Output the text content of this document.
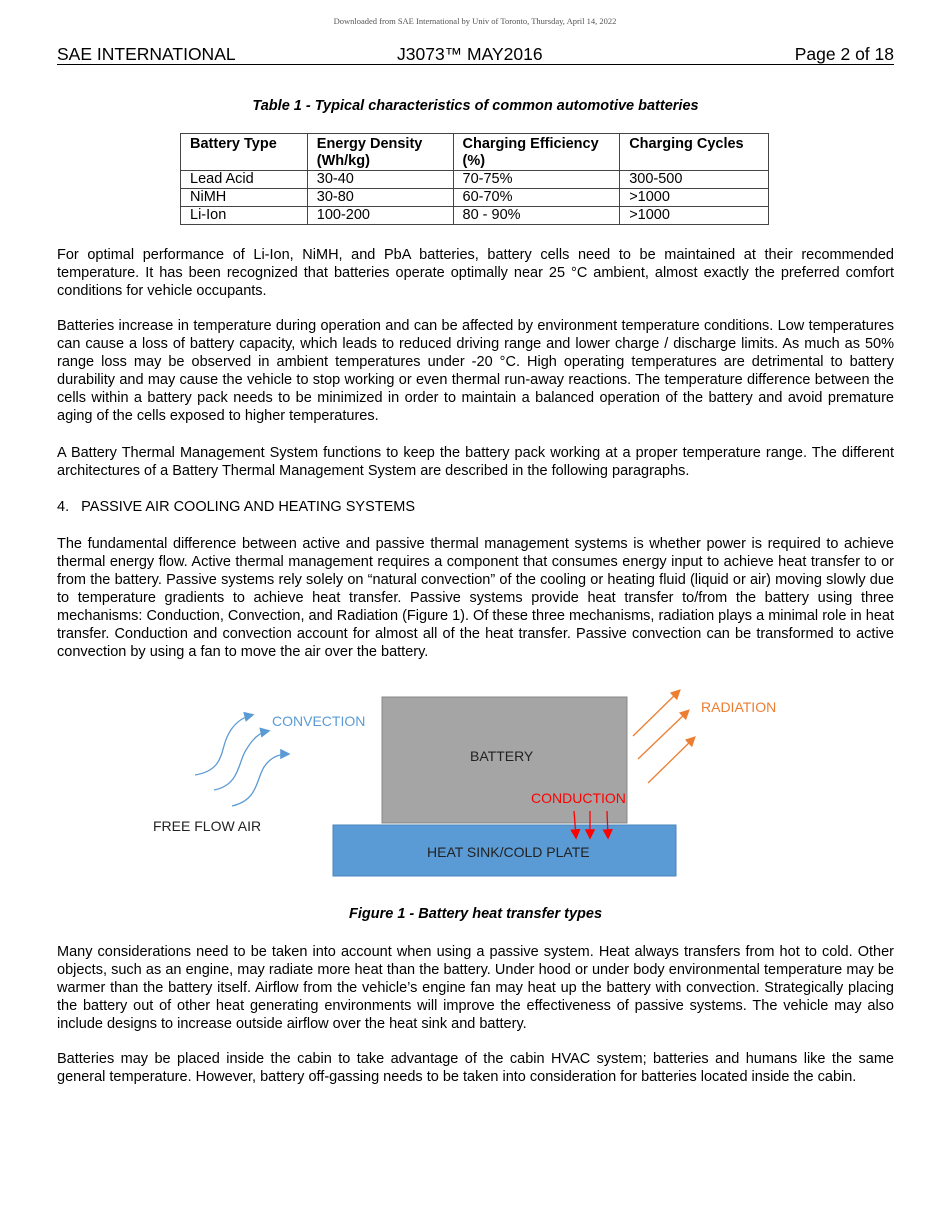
Downloaded from SAE International by Univ of Toronto, Thursday, April 14, 2022
SAE INTERNATIONAL	J3073™ MAY2016	Page 2 of 18
Table 1 - Typical characteristics of common automotive batteries
Battery Type	Energy Density (Wh/kg)	Charging Efficiency (%)	Charging Cycles
Lead Acid	30-40	70-75%	300-500
NiMH	30-80	60-70%	>1000
Li-Ion	100-200	80 - 90%	>1000
For optimal performance of Li-Ion, NiMH, and PbA batteries, battery cells need to be maintained at their recommended temperature. It has been recognized that batteries operate optimally near 25 °C ambient, almost exactly the preferred comfort conditions for vehicle occupants.
Batteries increase in temperature during operation and can be affected by environment temperature conditions. Low temperatures can cause a loss of battery capacity, which leads to reduced driving range and lower charge / discharge limits. As much as 50% range loss may be observed in ambient temperatures under -20 °C. High operating temperatures are detrimental to battery durability and may cause the vehicle to stop working or even thermal run-away reactions. The temperature difference between the cells within a battery pack needs to be minimized in order to maintain a balanced operation of the battery and avoid premature aging of the cells exposed to higher temperatures.
A Battery Thermal Management System functions to keep the battery pack working at a proper temperature range. The different architectures of a Battery Thermal Management System are described in the following paragraphs.
4.   PASSIVE AIR COOLING AND HEATING SYSTEMS
The fundamental difference between active and passive thermal management systems is whether power is required to achieve thermal energy flow. Active thermal management requires a component that consumes energy input to achieve heat transfer to or from the battery. Passive systems rely solely on “natural convection” of the cooling or heating fluid (liquid or air) moving slowly due to temperature gradients to achieve heat transfer. Passive systems provide heat transfer to/from the battery using three mechanisms: Conduction, Convection, and Radiation (Figure 1). Of these three mechanisms, radiation plays a minimal role in heat transfer. Conduction and convection account for almost all of the heat transfer. Passive convection can be transformed to active convection by using a fan to move the air over the battery.
CONVECTION
RADIATION
BATTERY
CONDUCTION
FREE FLOW AIR
HEAT SINK/COLD PLATE
Figure 1 - Battery heat transfer types
Many considerations need to be taken into account when using a passive system. Heat always transfers from hot to cold. Other objects, such as an engine, may radiate more heat than the battery. Under hood or under body environmental temperature may be warmer than the battery itself. Airflow from the vehicle’s engine fan may heat up the battery with convection. Strategically placing the battery out of other heat generating environments will improve the effectiveness of passive systems. The vehicle may also include designs to increase outside airflow over the heat sink and battery.
Batteries may be placed inside the cabin to take advantage of the cabin HVAC system; batteries and humans like the same general temperature. However, battery off-gassing needs to be taken into consideration for batteries located inside the cabin.
